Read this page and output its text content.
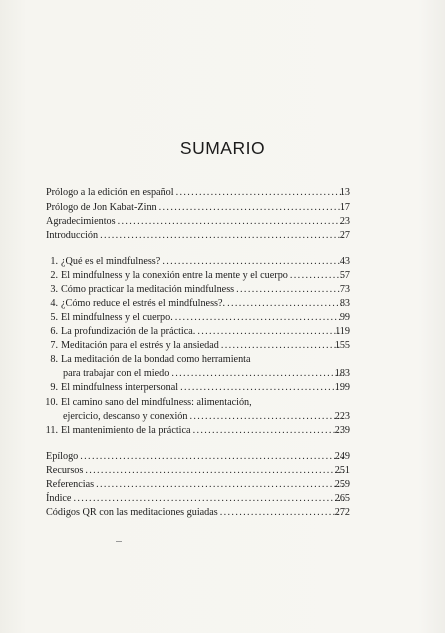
SUMARIO
Prólogo a la edición en español . . .	13
Prólogo de Jon Kabat-Zinn . . .	17
Agradecimientos . . .	23
Introducción . . .	27
1. ¿Qué es el mindfulness? . . .	43
2. El mindfulness y la conexión entre la mente y el cuerpo . . .	57
3. Cómo practicar la meditación mindfulness . . .	73
4. ¿Cómo reduce el estrés el mindfulness?. . . .	83
5. El mindfulness y el cuerpo. . . .	99
6. La profundización de la práctica. . . .	119
7. Meditación para el estrés y la ansiedad . . .	155
8. La meditación de la bondad como herramienta
para trabajar con el miedo . . .	183
9. El mindfulness interpersonal . . .	199
10. El camino sano del mindfulness: alimentación,
ejercicio, descanso y conexión . . .	223
11. El mantenimiento de la práctica . . .	239
Epílogo . . .	249
Recursos . . .	251
Referencias . . .	259
Índice . . .	265
Códigos QR con las meditaciones guiadas . . .	272
